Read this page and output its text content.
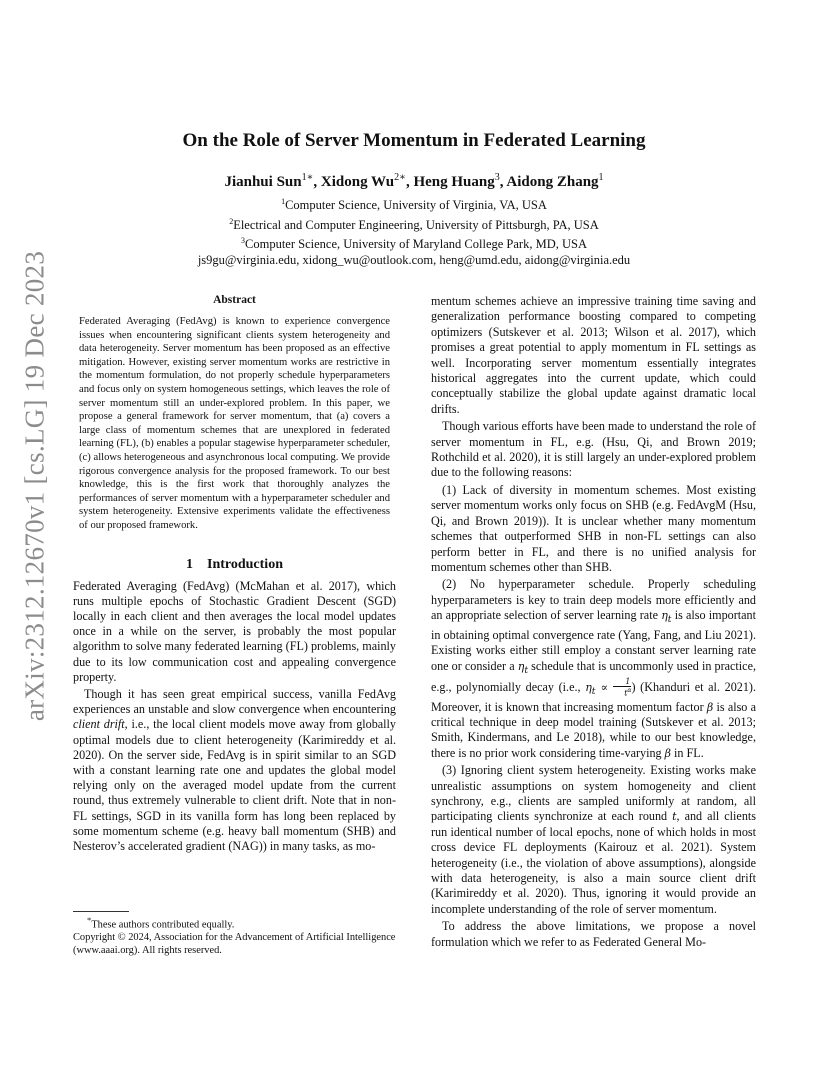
arXiv:2312.12670v1 [cs.LG] 19 Dec 2023
On the Role of Server Momentum in Federated Learning
Jianhui Sun$^{1∗}$, Xidong $Wu^{2∗}$, Heng Huang$^3$, Aidong Zhang$^1$
$^1$Computer Science, University of Virginia, VA, USA
$^2$Electrical and Computer Engineering, University of Pittsburgh, PA, USA
$^3$Computer Science, University of Maryland College Park, MD, USA
js9gu@virginia.edu, xidong_wu@outlook.com, heng@umd.edu, aidong@virginia.edu
Abstract

Federated Averaging (FedAvg) is known to experience convergence issues when encountering significant clients system heterogeneity and data heterogeneity. Server momentum has been proposed as an effective mitigation. However, existing server momentum works are restrictive in the momentum formulation, do not properly schedule hyperparameters and focus only on system homogeneous settings, which leaves the role of server momentum still an under-explored problem. In this paper, we propose a general framework for server momentum, that (a) covers a large class of momentum schemes that are unexplored in federated learning (FL), (b) enables a popular stagewise hyperparameter scheduler, (c) allows heterogeneous and asynchronous local computing. We provide rigorous convergence analysis for the proposed framework. To our best knowledge, this is the first work that thoroughly analyzes the performances of server momentum with a hyperparameter scheduler and system heterogeneity. Extensive experiments validate the effectiveness of our proposed framework.

1    Introduction

Federated Averaging (FedAvg) (McMahan et al. 2017), which runs multiple epochs of Stochastic Gradient Descent (SGD) locally in each client and then averages the local model updates once in a while on the server, is probably the most popular algorithm to solve many federated learning (FL) problems, mainly due to its low communication cost and appealing convergence property.

Though it has seen great empirical success, vanilla FedAvg experiences an unstable and slow convergence when encountering client drift, i.e., the local client models move away from globally optimal models due to client heterogeneity (Karimireddy et al. 2020). On the server side, FedAvg is in spirit similar to an SGD with a constant learning rate one and updates the global model relying only on the averaged model update from the current round, thus extremely vulnerable to client drift. Note that in non-FL settings, SGD in its vanilla form has long been replaced by some momentum scheme (e.g. heavy ball momentum (SHB) and Nesterov’s accelerated gradient (NAG)) in many tasks, as mo-

mentum schemes achieve an impressive training time saving and generalization performance boosting compared to competing optimizers (Sutskever et al. 2013; Wilson et al. 2017), which promises a great potential to apply momentum in FL settings as well. Incorporating server momentum essentially integrates historical aggregates into the current update, which could conceptually stabilize the global update against dramatic local drifts.

Though various efforts have been made to understand the role of server momentum in FL, e.g. (Hsu, Qi, and Brown 2019; Rothchild et al. 2020), it is still largely an under-explored problem due to the following reasons:

(1) Lack of diversity in momentum schemes. Most existing server momentum works only focus on SHB (e.g. FedAvgM (Hsu, Qi, and Brown 2019)). It is unclear whether many momentum schemes that outperformed SHB in non-FL settings can also perform better in FL, and there is no unified analysis for momentum schemes other than SHB.

(2) No hyperparameter schedule. Properly scheduling hyperparameters is key to train deep models more efficiently and an appropriate selection of server learning rate $\eta_t$ is also important in obtaining optimal convergence rate (Yang, Fang, and Liu 2021). Existing works either still employ a constant server learning rate one or consider a $\eta_t$ schedule that is uncommonly used in practice, e.g., polynomially decay (i.e., $\eta_t \propto \frac{1}{t^\alpha}$ ) (Khanduri et al. 2021). Moreover, it is known that increasing momentum factor β is also a critical technique in deep model training (Sutskever et al. 2013; Smith, Kindermans, and Le 2018), while to our best knowledge, there is no prior work considering time-varying β in FL.

(3) Ignoring client system heterogeneity. Existing works make unrealistic assumptions on system homogeneity and client synchrony, e.g., clients are sampled uniformly at random, all participating clients synchronize at each round t, and all clients run identical number of local epochs, none of which holds in most cross device FL deployments (Kairouz et al. 2021). System heterogeneity (i.e., the violation of above assumptions), alongside with data heterogeneity, is also a main source client drift (Karimireddy et al. 2020). Thus, ignoring it would provide an incomplete understanding of the role of server momentum.

To address the above limitations, we propose a novel formulation which we refer to as Federated General Mo-

*These authors contributed equally.
Copyright © 2024, Association for the Advancement of Artificial Intelligence (www.aaai.org). All rights reserved.
